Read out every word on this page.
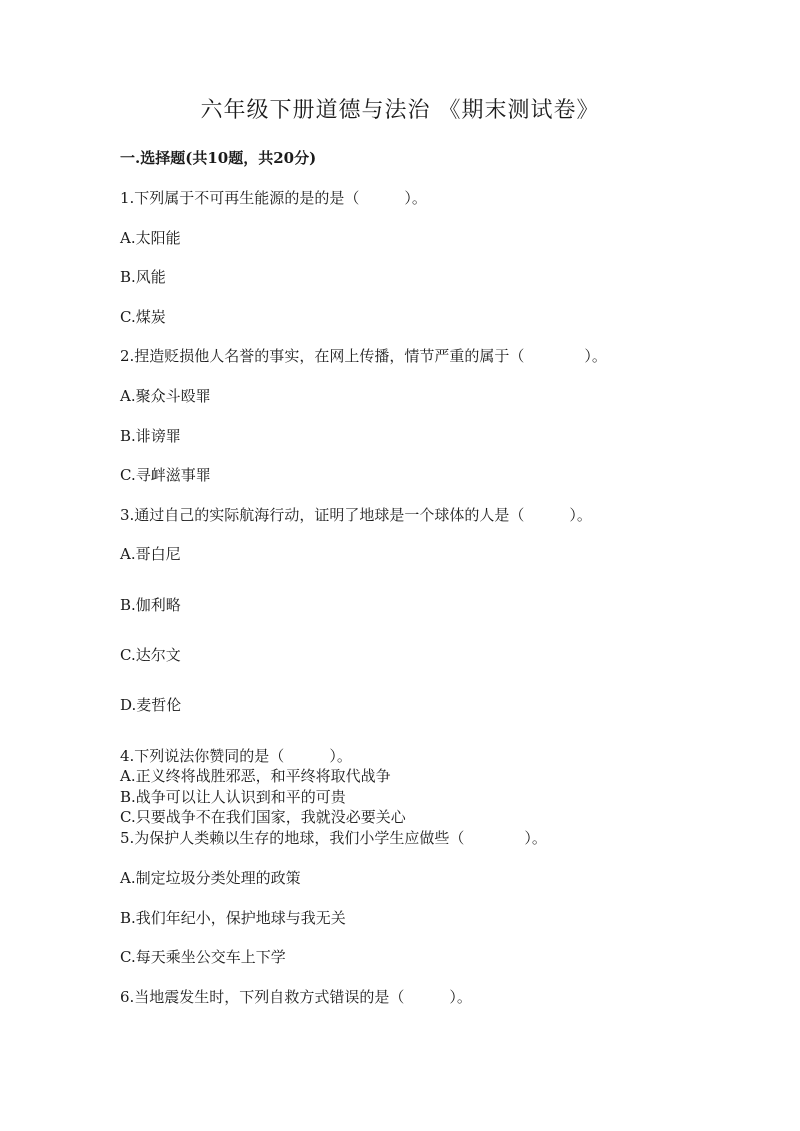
六年级下册道德与法治 《期末测试卷》
一.选择题(共10题，共20分)
1.下列属于不可再生能源的是的是（　　　）。
A.太阳能
B.风能
C.煤炭
2.捏造贬损他人名誉的事实，在网上传播，情节严重的属于（　　　　）。
A.聚众斗殴罪
B.诽谤罪
C.寻衅滋事罪
3.通过自己的实际航海行动，证明了地球是一个球体的人是（　　　）。
A.哥白尼
B.伽利略
C.达尔文
D.麦哲伦
4.下列说法你赞同的是（　　　）。
A.正义终将战胜邪恶，和平终将取代战争
B.战争可以让人认识到和平的可贵
C.只要战争不在我们国家，我就没必要关心
5.为保护人类赖以生存的地球，我们小学生应做些（　　　　）。
A.制定垃圾分类处理的政策
B.我们年纪小，保护地球与我无关
C.每天乘坐公交车上下学
6.当地震发生时，下列自救方式错误的是（　　　）。
